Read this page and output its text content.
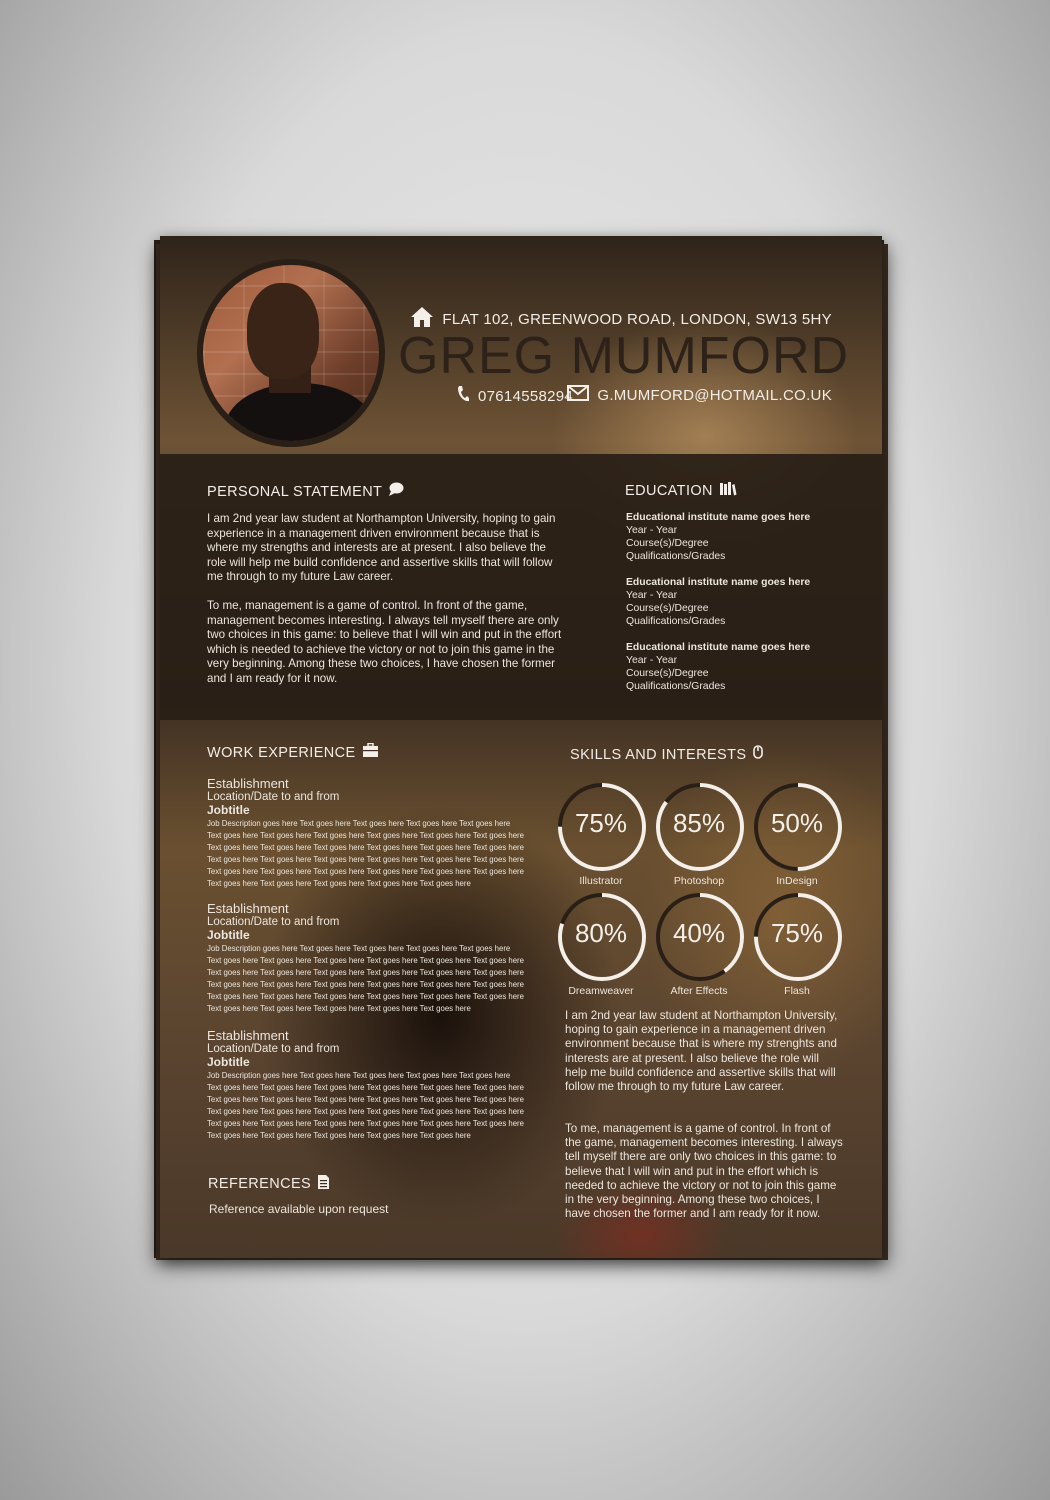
FLAT 102, GREENWOOD ROAD, LONDON, SW13 5HY
GREG MUMFORD
07614558294 G.MUMFORD@HOTMAIL.CO.UK
PERSONAL STATEMENT
I am 2nd year law student at Northampton University, hoping to gain experience in a management driven environment because that is where my strengths and interests are at present. I also believe the role will help me build confidence and assertive skills that will follow me through to my future Law career.
To me, management is a game of control. In front of the game, management becomes interesting. I always tell myself there are only two choices in this game: to believe that I will win and put in the effort which is needed to achieve the victory or not to join this game in the very beginning. Among these two choices, I have chosen the former and I am ready for it now.
EDUCATION
Educational institute name goes here
Year - Year
Course(s)/Degree
Qualifications/Grades
Educational institute name goes here
Year - Year
Course(s)/Degree
Qualifications/Grades
Educational institute name goes here
Year - Year
Course(s)/Degree
Qualifications/Grades
WORK EXPERIENCE
Establishment
Location/Date to and from
Jobtitle
Job Description goes here Text goes here Text goes here Text goes here Text goes here Text goes here Text goes here Text goes here Text goes here Text goes here Text goes here Text goes here Text goes here Text goes here Text goes here Text goes here Text goes here Text goes here Text goes here Text goes here Text goes here Text goes here Text goes here Text goes here Text goes here Text goes here Text goes here Text goes here Text goes here Text goes here Text goes here Text goes here Text goes here Text goes here
Establishment
Location/Date to and from
Jobtitle
Job Description goes here Text goes here Text goes here Text goes here Text goes here Text goes here Text goes here Text goes here Text goes here Text goes here Text goes here Text goes here Text goes here Text goes here Text goes here Text goes here Text goes here Text goes here Text goes here Text goes here Text goes here Text goes here Text goes here Text goes here Text goes here Text goes here Text goes here Text goes here Text goes here Text goes here Text goes here Text goes here Text goes here Text goes here
Establishment
Location/Date to and from
Jobtitle
Job Description goes here Text goes here Text goes here Text goes here Text goes here Text goes here Text goes here Text goes here Text goes here Text goes here Text goes here Text goes here Text goes here Text goes here Text goes here Text goes here Text goes here Text goes here Text goes here Text goes here Text goes here Text goes here Text goes here Text goes here Text goes here Text goes here Text goes here Text goes here Text goes here Text goes here Text goes here Text goes here Text goes here Text goes here
REFERENCES
Reference available upon request
SKILLS AND INTERESTS
75%
Illustrator
85%
Photoshop
50%
InDesign
80%
Dreamweaver
40%
After Effects
75%
Flash
I am 2nd year law student at Northampton University, hoping to gain experience in a management driven environment because that is where my strenghts and interests are at present. I also believe the role will help me build confidence and assertive skills that will follow me through to my future Law career.
To me, management is a game of control. In front of the game, management becomes interesting. I always tell myself there are only two choices in this game: to believe that I will win and put in the effort which is needed to achieve the victory or not to join this game in the very beginning. Among these two choices, I have chosen the former and I am ready for it now.
